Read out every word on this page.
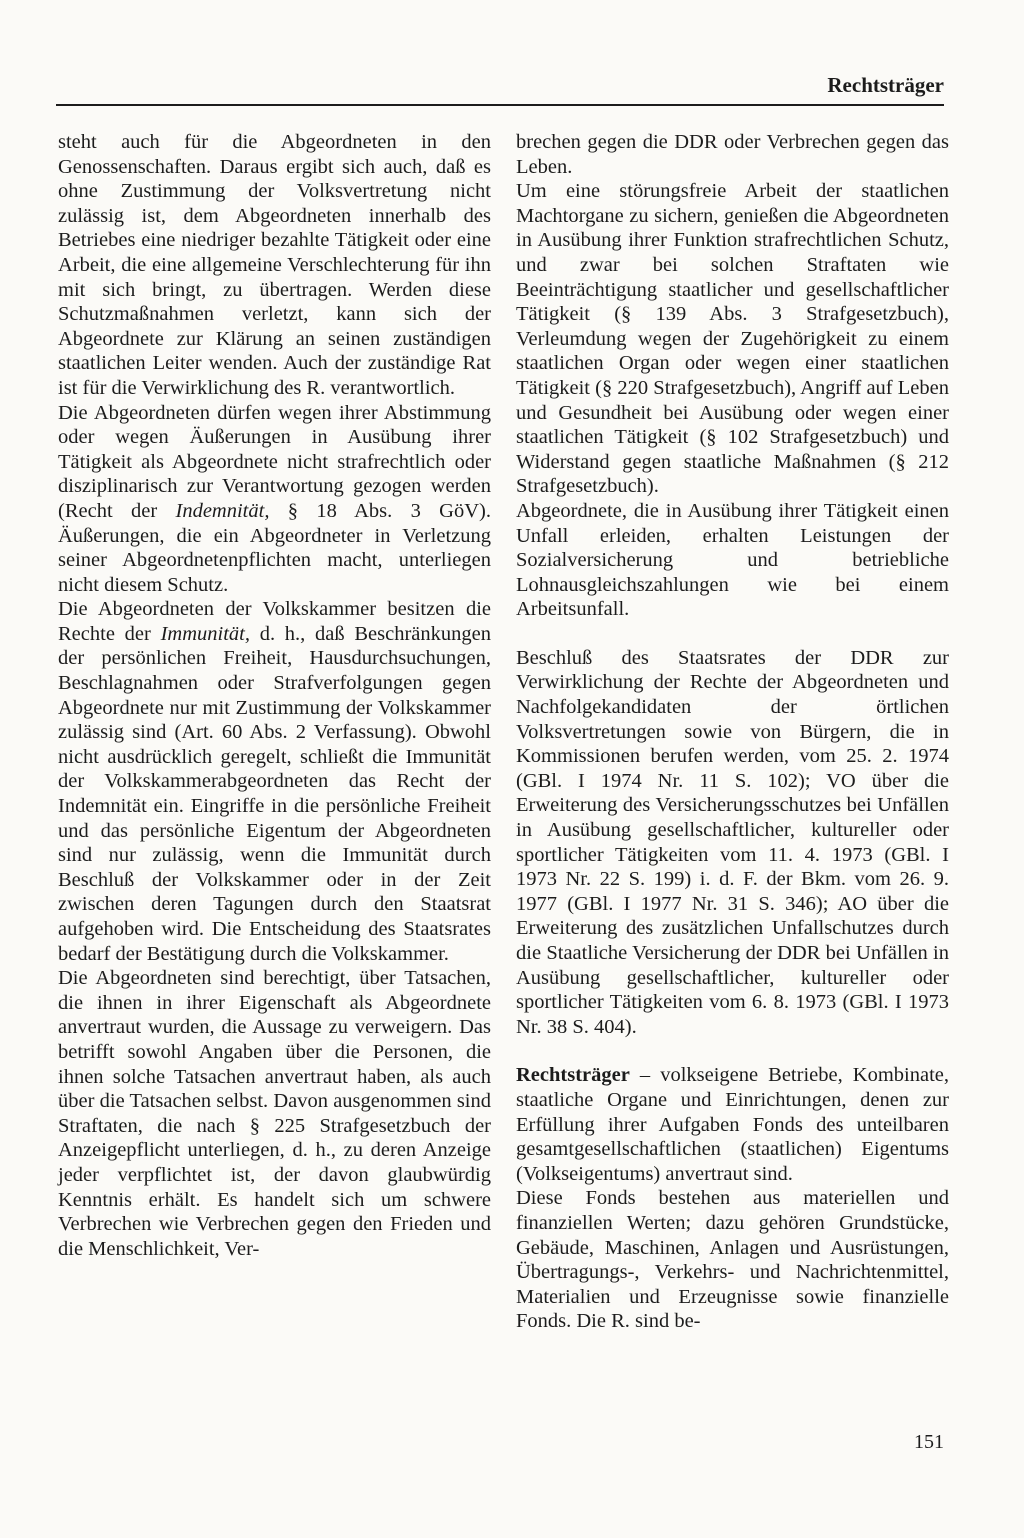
Rechtsträger

steht auch für die Abgeordneten in den Genossenschaften. Daraus ergibt sich auch, daß es ohne Zustimmung der Volksvertretung nicht zulässig ist, dem Abgeordneten innerhalb des Betriebes eine niedriger bezahlte Tätigkeit oder eine Arbeit, die eine allgemeine Verschlechterung für ihn mit sich bringt, zu übertragen. Werden diese Schutzmaßnahmen verletzt, kann sich der Abgeordnete zur Klärung an seinen zuständigen staatlichen Leiter wenden. Auch der zuständige Rat ist für die Verwirklichung des R. verantwortlich.

Die Abgeordneten dürfen wegen ihrer Abstimmung oder wegen Äußerungen in Ausübung ihrer Tätigkeit als Abgeordnete nicht strafrechtlich oder disziplinarisch zur Verantwortung gezogen werden (Recht der Indemnität, § 18 Abs. 3 GöV). Äußerungen, die ein Abgeordneter in Verletzung seiner Abgeordnetenpflichten macht, unterliegen nicht diesem Schutz.

Die Abgeordneten der Volkskammer besitzen die Rechte der Immunität, d. h., daß Beschränkungen der persönlichen Freiheit, Hausdurchsuchungen, Beschlagnahmen oder Strafverfolgungen gegen Abgeordnete nur mit Zustimmung der Volkskammer zulässig sind (Art. 60 Abs. 2 Verfassung). Obwohl nicht ausdrücklich geregelt, schließt die Immunität der Volkskammerabgeordneten das Recht der Indemnität ein. Eingriffe in die persönliche Freiheit und das persönliche Eigentum der Abgeordneten sind nur zulässig, wenn die Immunität durch Beschluß der Volkskammer oder in der Zeit zwischen deren Tagungen durch den Staatsrat aufgehoben wird. Die Entscheidung des Staatsrates bedarf der Bestätigung durch die Volkskammer.

Die Abgeordneten sind berechtigt, über Tatsachen, die ihnen in ihrer Eigenschaft als Abgeordnete anvertraut wurden, die Aussage zu verweigern. Das betrifft sowohl Angaben über die Personen, die ihnen solche Tatsachen anvertraut haben, als auch über die Tatsachen selbst. Davon ausgenommen sind Straftaten, die nach § 225 Strafgesetzbuch der Anzeigepflicht unterliegen, d. h., zu deren Anzeige jeder verpflichtet ist, der davon glaubwürdig Kenntnis erhält. Es handelt sich um schwere Verbrechen wie Verbrechen gegen den Frieden und die Menschlichkeit, Ver-

brechen gegen die DDR oder Verbrechen gegen das Leben.

Um eine störungsfreie Arbeit der staatlichen Machtorgane zu sichern, genießen die Abgeordneten in Ausübung ihrer Funktion strafrechtlichen Schutz, und zwar bei solchen Straftaten wie Beeinträchtigung staatlicher und gesellschaftlicher Tätigkeit (§ 139 Abs. 3 Strafgesetzbuch), Verleumdung wegen der Zugehörigkeit zu einem staatlichen Organ oder wegen einer staatlichen Tätigkeit (§ 220 Strafgesetzbuch), Angriff auf Leben und Gesundheit bei Ausübung oder wegen einer staatlichen Tätigkeit (§ 102 Strafgesetzbuch) und Widerstand gegen staatliche Maßnahmen (§ 212 Strafgesetzbuch).

Abgeordnete, die in Ausübung ihrer Tätigkeit einen Unfall erleiden, erhalten Leistungen der Sozialversicherung und betriebliche Lohnausgleichszahlungen wie bei einem Arbeitsunfall.

Beschluß des Staatsrates der DDR zur Verwirklichung der Rechte der Abgeordneten und Nachfolgekandidaten der örtlichen Volksvertretungen sowie von Bürgern, die in Kommissionen berufen werden, vom 25. 2. 1974 (GBl. I 1974 Nr. 11 S. 102); VO über die Erweiterung des Versicherungsschutzes bei Unfällen in Ausübung gesellschaftlicher, kultureller oder sportlicher Tätigkeiten vom 11. 4. 1973 (GBl. I 1973 Nr. 22 S. 199) i. d. F. der Bkm. vom 26. 9. 1977 (GBl. I 1977 Nr. 31 S. 346); AO über die Erweiterung des zusätzlichen Unfallschutzes durch die Staatliche Versicherung der DDR bei Unfällen in Ausübung gesellschaftlicher, kultureller oder sportlicher Tätigkeiten vom 6. 8. 1973 (GBl. I 1973 Nr. 38 S. 404).

Rechtsträger – volkseigene Betriebe, Kombinate, staatliche Organe und Einrichtungen, denen zur Erfüllung ihrer Aufgaben Fonds des unteilbaren gesamtgesellschaftlichen (staatlichen) Eigentums (Volkseigentums) anvertraut sind.

Diese Fonds bestehen aus materiellen und finanziellen Werten; dazu gehören Grundstücke, Gebäude, Maschinen, Anlagen und Ausrüstungen, Übertragungs-, Verkehrs- und Nachrichtenmittel, Materialien und Erzeugnisse sowie finanzielle Fonds. Die R. sind be-

151
